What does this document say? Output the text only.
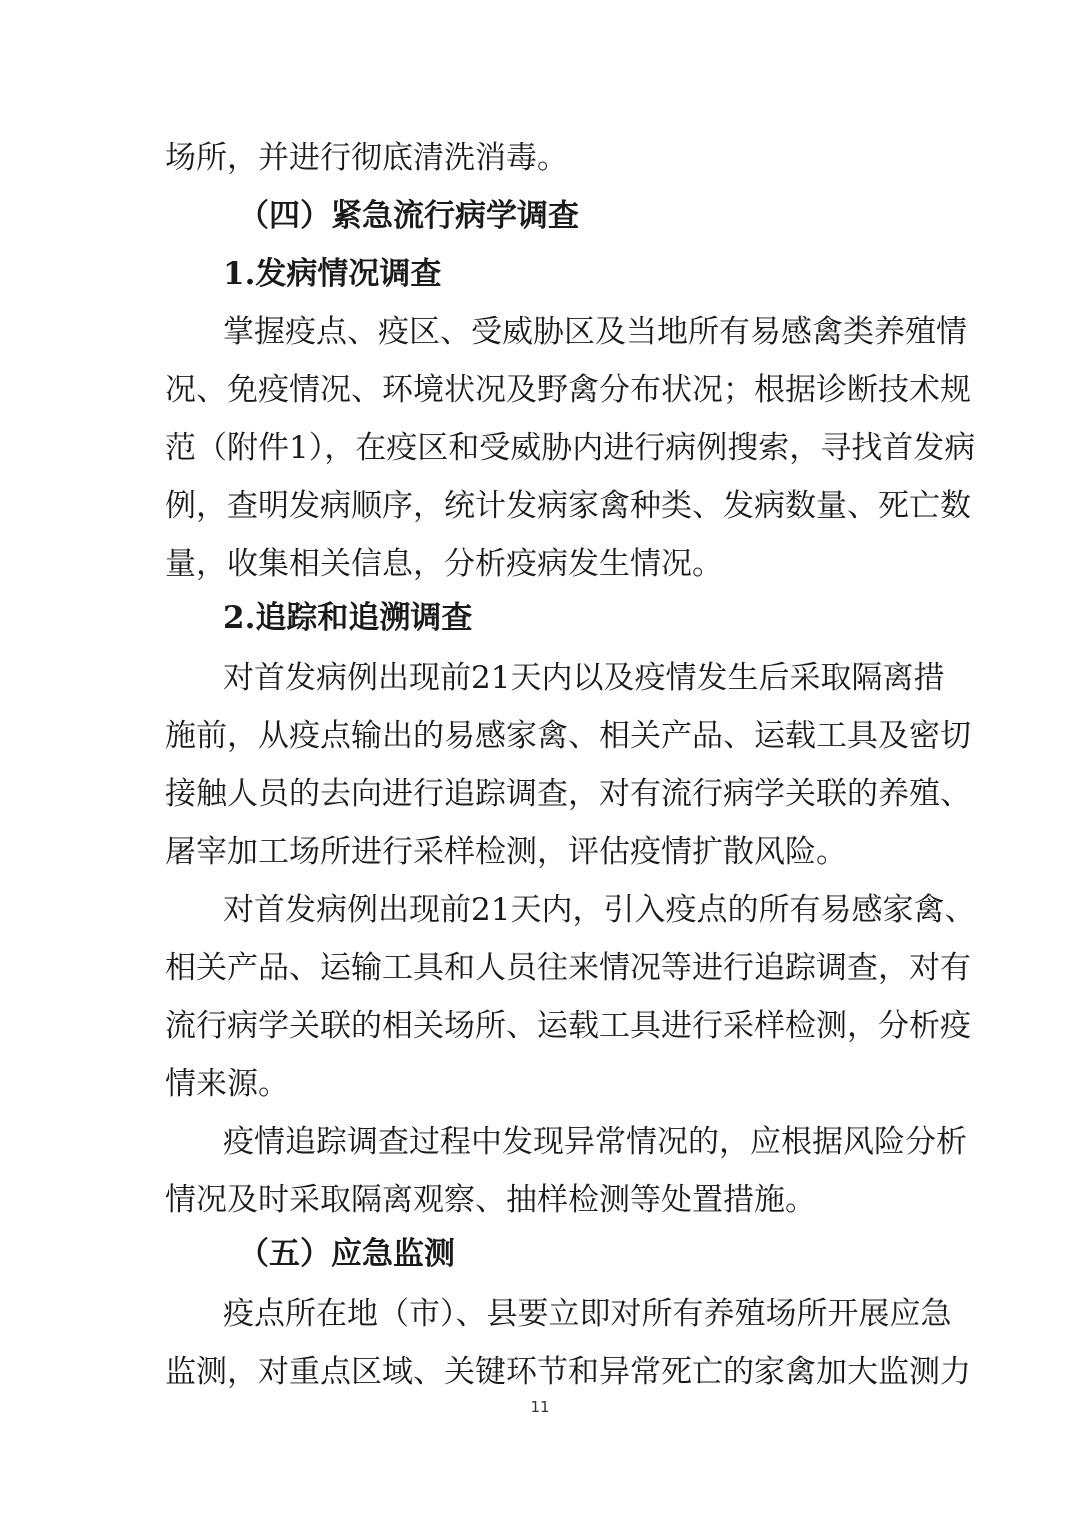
场所，并进行彻底清洗消毒。
（四）紧急流行病学调查
1.发病情况调查
掌握疫点、疫区、受威胁区及当地所有易感禽类养殖情
况、免疫情况、环境状况及野禽分布状况；根据诊断技术规
范（附件1），在疫区和受威胁内进行病例搜索，寻找首发病
例，查明发病顺序，统计发病家禽种类、发病数量、死亡数
量，收集相关信息，分析疫病发生情况。
2.追踪和追溯调查
对首发病例出现前21天内以及疫情发生后采取隔离措
施前，从疫点输出的易感家禽、相关产品、运载工具及密切
接触人员的去向进行追踪调查，对有流行病学关联的养殖、
屠宰加工场所进行采样检测，评估疫情扩散风险。
对首发病例出现前21天内，引入疫点的所有易感家禽、
相关产品、运输工具和人员往来情况等进行追踪调查，对有
流行病学关联的相关场所、运载工具进行采样检测，分析疫
情来源。
疫情追踪调查过程中发现异常情况的，应根据风险分析
情况及时采取隔离观察、抽样检测等处置措施。
（五）应急监测
疫点所在地（市）、县要立即对所有养殖场所开展应急
监测，对重点区域、关键环节和异常死亡的家禽加大监测力
11
